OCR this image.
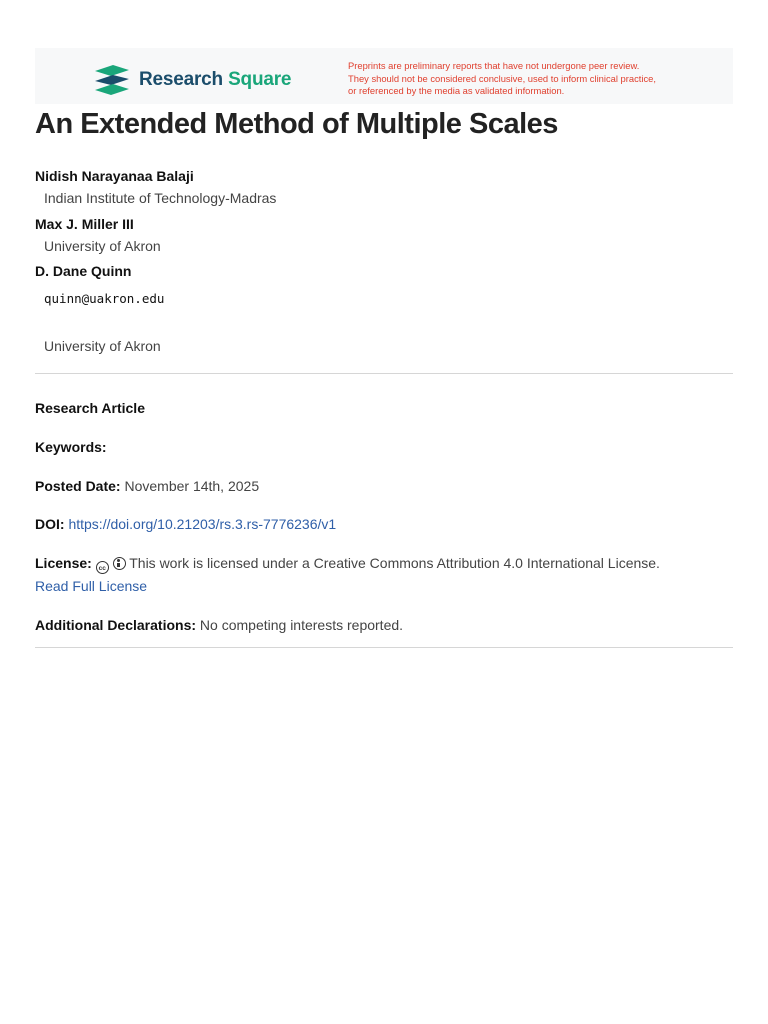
Research Square
Preprints are preliminary reports that have not undergone peer review.
They should not be considered conclusive, used to inform clinical practice,
or referenced by the media as validated information.
An Extended Method of Multiple Scales
Nidish Narayanaa Balaji
Indian Institute of Technology-Madras
Max J. Miller III
University of Akron
D. Dane Quinn
quinn@uakron.edu
University of Akron
Research Article
Keywords:
Posted Date: November 14th, 2025
DOI: https://doi.org/10.21203/rs.3.rs-7776236/v1
License: cc This work is licensed under a Creative Commons Attribution 4.0 International License.
Read Full License
Additional Declarations: No competing interests reported.
